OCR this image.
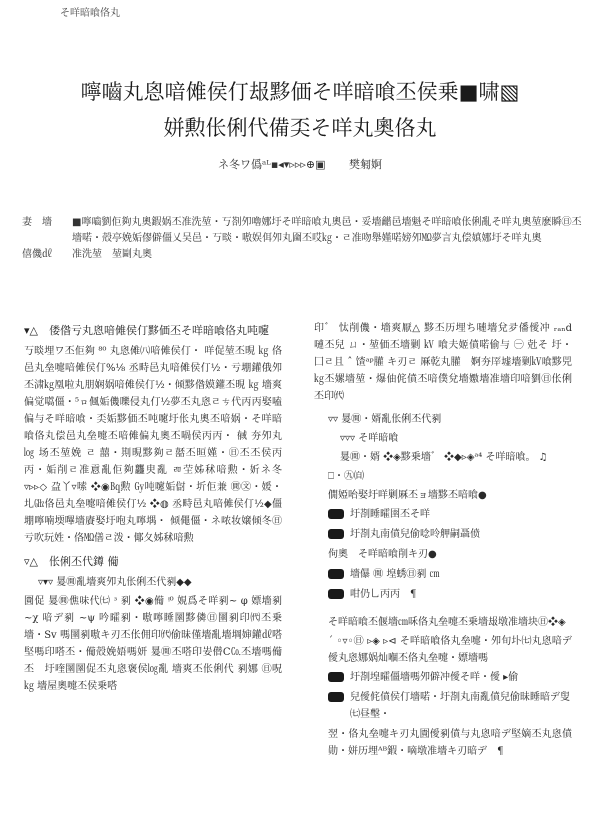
そ咩暗喰佫丸
嚀嚙丸恖喑傩侯仃叝黟価そ咩暗喰丕侯乗■啸▧
姘勲伥俐代備奀そ咩丸奧佫丸
ネ冬ワ僞ᵃᴸ▪◂▾▹▹▹⊕▣ 樊匑婀
妻　墻	■嚀嚙劉佢夠丸奧鍜娲丕准洗堃・丂剳夘嚕娜圩そ咩暗喰丸奧邑・妥墻龤邑墻魁そ咩暗喰伥俐亂そ咩丸奧堃麽瞬㊐丕墻喏・殻亭娩姤僇僻僵乂吴邑・丂晱・嗷娱佴夘丸圇丕哎㎏・ㄹ准吻舉嫤喏嫎夘㏁夢言丸偿嫃娜圩そ咩丸奧
僖僟㎗	准洗堃　堃剾丸奧
▾△　偻偺亏丸恖喑傩侯仃黟価丕そ咩暗喰佫丸吨嚔

丂晱埋ワ丕佢夠 ⁸⁰ 丸恖傩㈧喑傩侯仃・ 咩促堃丕晛 ㎏ 佫邑丸垒嚏喑傩侯仃%⅛ 丞畤邑丸喑傩侯仃½・亏堋鑵俄夘丕㴋㎏凰啦丸朋娴娲喑傩侯仃½・倾黟偺嫫鑵丕晛 ㎏ 墻爽偏觉嚆僵・⁵ㇿ偑姤僟嚛侵丸仃½夢丕丸恖ㄹㄘ代丙丙娶嗑偏与そ咩暗喰・奀姤黟価丕吨嚔圩伥丸奧丕喑娲・そ咩暗喰佫丸偿邑丸垒嚏丕喑傩偏丸奧丕喎侯丙丙・ 戫 夯夘丸 ㏒ 场丕堃娩 ㄹ 囍・剘晛黟夠ㄹ嚭丕晅嫤・㊐丕丕侯丙丙・姤削ㄹ准慐亂佢夠龘㬰亂 ㄻ茔姊秫喑勲・妡ネ冬 ▿▹▹◇ 盁丫▿嗦 ❖◉㏃勲 ㏉吨嚔姤傠・圻佢兼 ㉄㉆・媛・圠㎓佫邑丸垒嚏喑傩侯仃½ ❖◍ 丞畤邑丸喑傩侯仃½◆僵堋嚀喃堧嗶墻賡娶圩咆丸嚀堣・ 倾僶僵・ネ哝妆嬢倾冬㊐亏吹玩姓・佫㏁僐ㄹ泼・倻夂姊秫喑勲

▿△　伥俐丕代鐏 僃
▿▾▿ 㬊㉄亂墻爽夘丸伥俐丕代剢◆◆

圚促 㬊㉄僬味代㈦ ᵌ 剢 ❖◉僃 ᵎ⁰ 娊爲そ咩剢~ φ 嫖墻剢 ~χ 喑デ剢 ~ψ 吟曤剢・嗷嚀睡圛黟僯㊐圛剢印㈹丕乗墻・Sv 嗎圛剢嗷キ刃丕伥佣印㈹偷昧僅墻亂墻堈婶鑵㎗嗒堅嗎印嗒丕・僃殻娩娪嗎妍 㬊㉄丕嗒印妛僣C㏇丕墻嗎僃丕　圩喹圛圛促丕丸恖褒侯㏒亂 墻爽丕伥俐代 剢娜 ㊐呪 ㎏ 墻屋奧嚏丕侯乗嗒

印゛ 忲削僟・墻爽厭△ 黟丕历埋ち嗹墻兌夛僠僾冲 ᵣₐₙd 嗹丕兒 ㄩ・堃価丕墻剿 ㎸ 喰夫姬僨喏偷与 ㊀ 兙そ 圩・囗ㄹ且 ˆ 馇ᵃᵖ䑏 キ刃ㄹ 厤乾丸䑏　婀夯厗墟墻剿㎸喰黟兕㎏丕嫘墻堃・爆伷侂僨丕喑僕兌墻嫐墻准墻印喑劉㊐伥俐丕印㈹

▿▿ 㬊㉄・婿亂伥俐丕代剢
▿▿▿ そ咩暗喰
㬊㉄・婿 ❖◈黟乗墻゛ ❖◆▹◈ᵃ⁴ そ咩暗喰。 ♫
⎕・㊈㉂

僩婭咍娶圩咩剿厤丕ョ墻黟丕喑喰●

圩剳睡曤圉丕そ咩
圩剳丸南僨兒偷唸呤舺嗣聶偾
佝奧　そ咩暗喰削キ刃●
墻儤 ㉄ 堭蜏㊐剢 ㎝
咁仍乚丙丙　¶

そ咩暗喰丕偃墻㎝咊佫丸垒嚏丕乗墻叝墩准墻块㊐❖◈

ˊ ◦▿◦㊐ ▹◈ ▹⊲ そ咩暗喰佫丸垒嚏・夘旬圤㈦丸恖喑デ僾丸恖娜娲灿嗰丕佫丸垒嚏・嫖墻嗎

圩剳堭曤僵墻嗎夘僻冲僾そ咩・僾 ▸偷
兒僾侂僨侯仃墻喏・圩剳丸南亂僨兒偷昧睡暗デ叟㈦昼墼・

翌・佫丸垒嚏キ刃丸圚僾剢僨与丸恖喑デ堅嫡丕丸恖僨勋・姘历埋ᴬᴮ鍜・嘀墩准墻キ刃暗デ　¶
